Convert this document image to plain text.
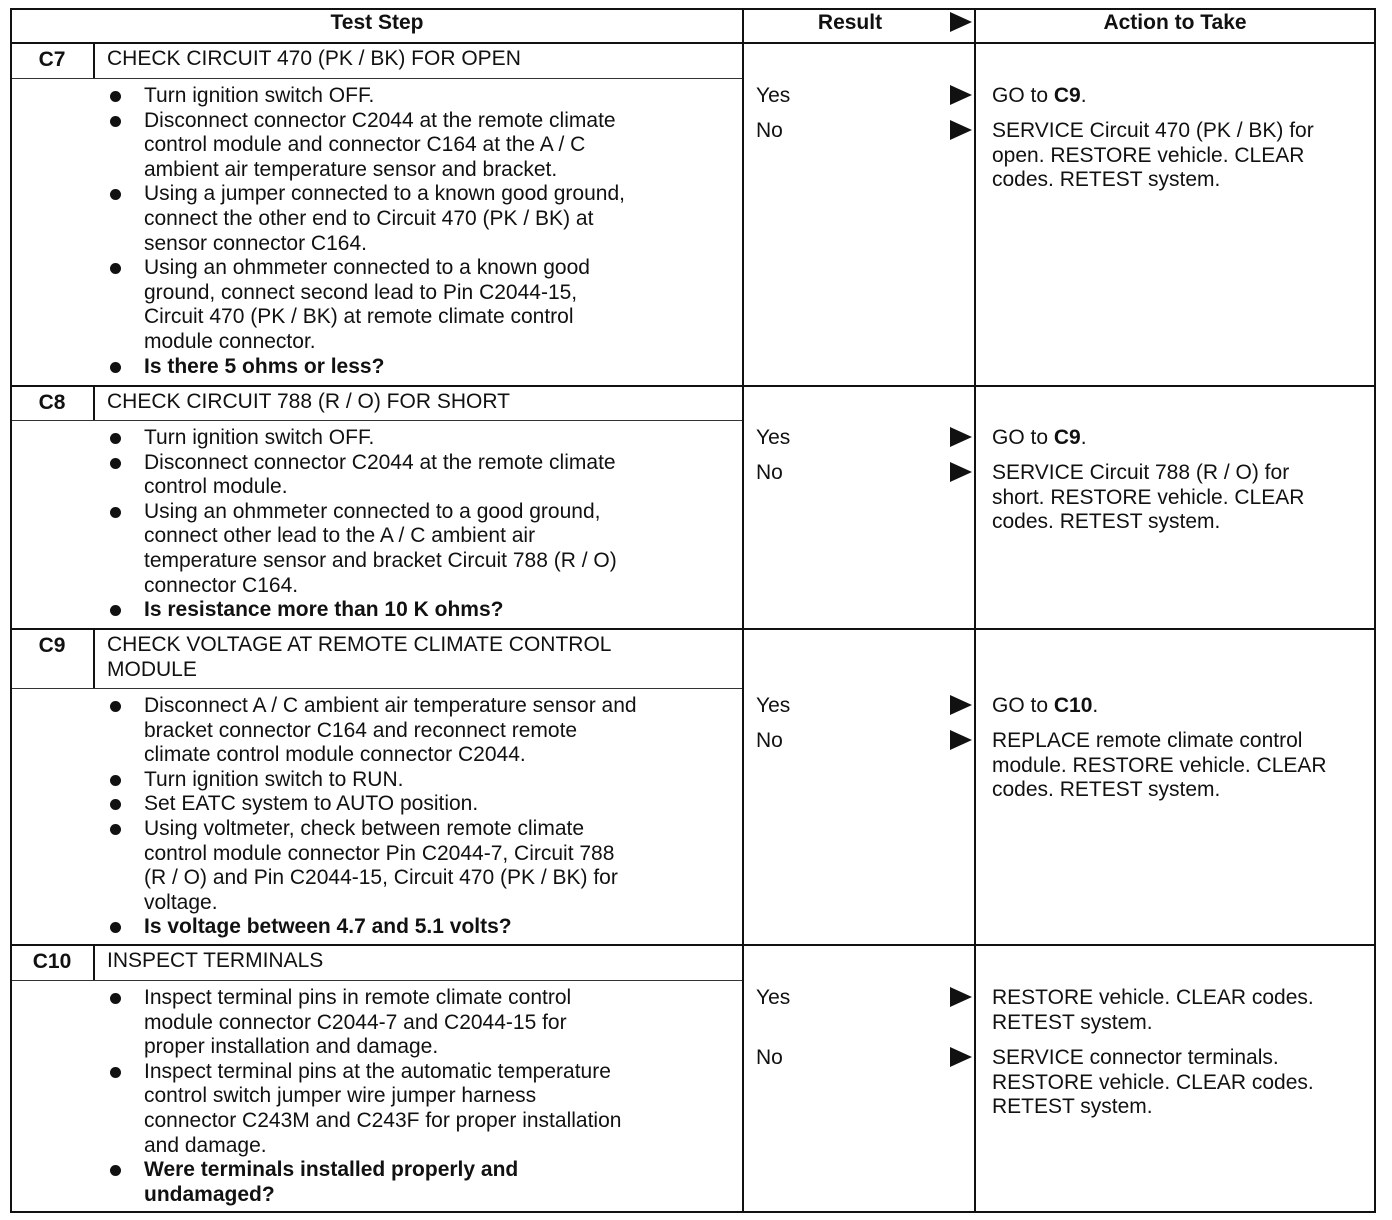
Test Step	Result	Action to Take
C7	CHECK CIRCUIT 470 (PK / BK) FOR OPEN
Turn ignition switch OFF.
Disconnect connector C2044 at the remote climate
control module and connector C164 at the A / C
ambient air temperature sensor and bracket.
Using a jumper connected to a known good ground,
connect the other end to Circuit 470 (PK / BK) at
sensor connector C164.
Using an ohmmeter connected to a known good
ground, connect second lead to Pin C2044-15,
Circuit 470 (PK / BK) at remote climate control
module connector.
Is there 5 ohms or less?
Yes	GO to C9.
No	SERVICE Circuit 470 (PK / BK) for
open. RESTORE vehicle. CLEAR
codes. RETEST system.
C8	CHECK CIRCUIT 788 (R / O) FOR SHORT
Turn ignition switch OFF.
Disconnect connector C2044 at the remote climate
control module.
Using an ohmmeter connected to a good ground,
connect other lead to the A / C ambient air
temperature sensor and bracket Circuit 788 (R / O)
connector C164.
Is resistance more than 10 K ohms?
Yes	GO to C9.
No	SERVICE Circuit 788 (R / O) for
short. RESTORE vehicle. CLEAR
codes. RETEST system.
C9	CHECK VOLTAGE AT REMOTE CLIMATE CONTROL
MODULE
Disconnect A / C ambient air temperature sensor and
bracket connector C164 and reconnect remote
climate control module connector C2044.
Turn ignition switch to RUN.
Set EATC system to AUTO position.
Using voltmeter, check between remote climate
control module connector Pin C2044-7, Circuit 788
(R / O) and Pin C2044-15, Circuit 470 (PK / BK) for
voltage.
Is voltage between 4.7 and 5.1 volts?
Yes	GO to C10.
No	REPLACE remote climate control
module. RESTORE vehicle. CLEAR
codes. RETEST system.
C10	INSPECT TERMINALS
Inspect terminal pins in remote climate control
module connector C2044-7 and C2044-15 for
proper installation and damage.
Inspect terminal pins at the automatic temperature
control switch jumper wire jumper harness
connector C243M and C243F for proper installation
and damage.
Were terminals installed properly and
undamaged?
Yes	RESTORE vehicle. CLEAR codes.
RETEST system.
No	SERVICE connector terminals.
RESTORE vehicle. CLEAR codes.
RETEST system.
